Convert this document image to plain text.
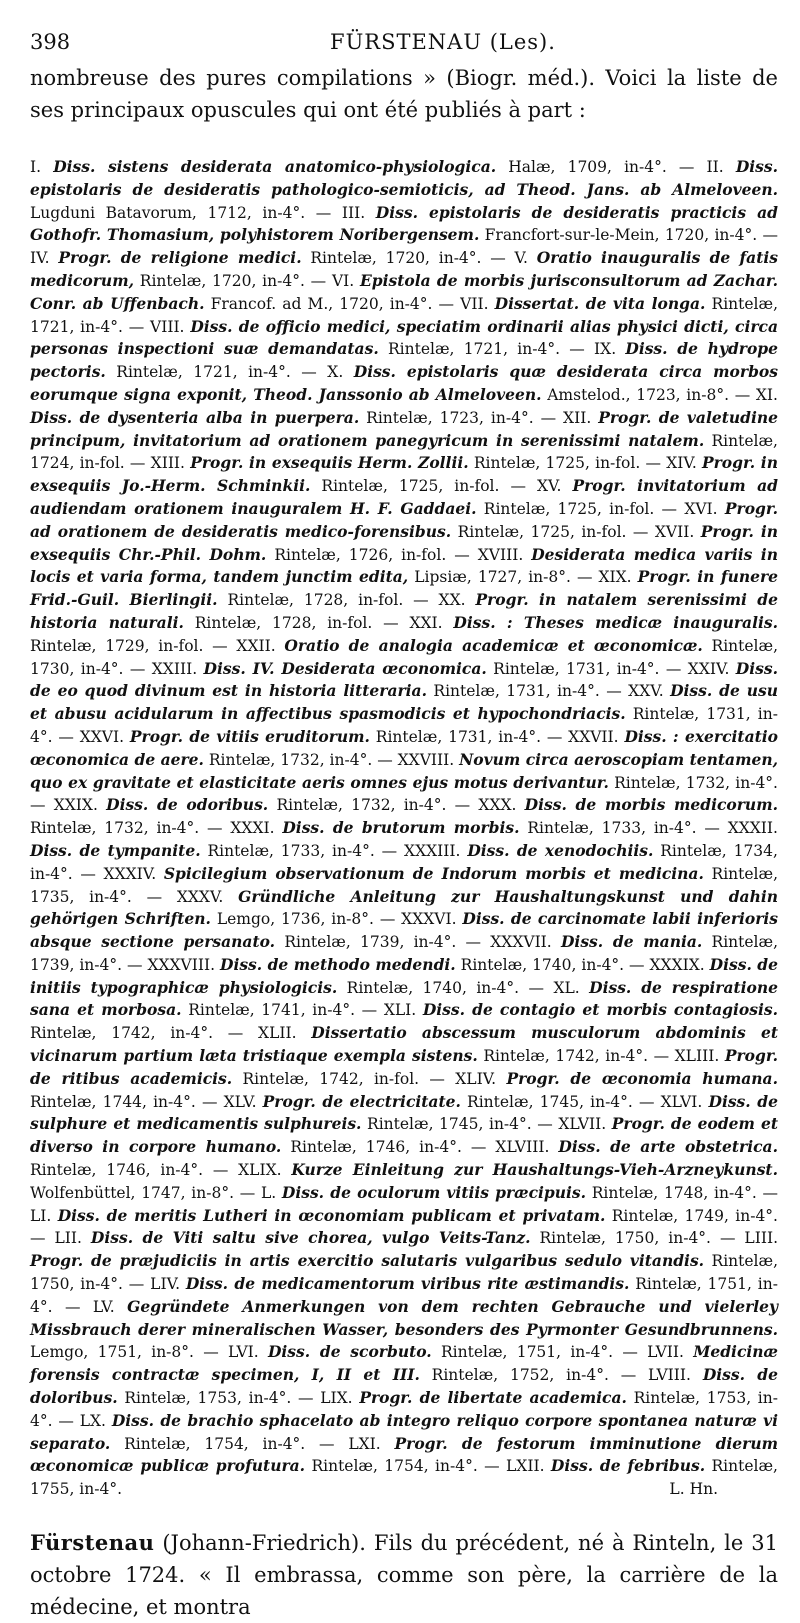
398	FÜRSTENAU (Les).
nombreuse des pures compilations » (Biogr. méd.). Voici la liste de ses principaux opuscules qui ont été publiés à part :
I. Diss. sistens desiderata anatomico-physiologica. Halæ, 1709, in-4°. — II. Diss. epistolaris de desideratis pathologico-semioticis, ad Theod. Jans. ab Almeloveen. Lugduni Batavorum, 1712, in-4°. — III. Diss. epistolaris de desideratis practicis ad Gothofr. Thomasium, polyhistorem Noribergensem. Francfort-sur-le-Mein, 1720, in-4°. — IV. Progr. de religione medici. Rintelæ, 1720, in-4°. — V. Oratio inauguralis de fatis medicorum, Rintelæ, 1720, in-4°. — VI. Epistola de morbis jurisconsultorum ad Zachar. Conr. ab Uffenbach. Francof. ad M., 1720, in-4°. — VII. Dissertat. de vita longa. Rintelæ, 1721, in-4°. — VIII. Diss. de officio medici, speciatim ordinarii alias physici dicti, circa personas inspectioni suæ demandatas. Rintelæ, 1721, in-4°. — IX. Diss. de hydrope pectoris. Rintelæ, 1721, in-4°. — X. Diss. epistolaris quæ desiderata circa morbos eorumque signa exponit, Theod. Janssonio ab Almeloveen. Amstelod., 1723, in-8°. — XI. Diss. de dysenteria alba in puerpera. Rintelæ, 1723, in-4°. — XII. Progr. de valetudine principum, invitatorium ad orationem panegyricum in serenissimi natalem. Rintelæ, 1724, in-fol. — XIII. Progr. in exsequiis Herm. Zollii. Rintelæ, 1725, in-fol. — XIV. Progr. in exsequiis Jo.-Herm. Schminkii. Rintelæ, 1725, in-fol. — XV. Progr. invitatorium ad audiendam orationem inauguralem H. F. Gaddaei. Rintelæ, 1725, in-fol. — XVI. Progr. ad orationem de desideratis medico-forensibus. Rintelæ, 1725, in-fol. — XVII. Progr. in exsequiis Chr.-Phil. Dohm. Rintelæ, 1726, in-fol. — XVIII. Desiderata medica variis in locis et varia forma, tandem junctim edita, Lipsiæ, 1727, in-8°. — XIX. Progr. in funere Frid.-Guil. Bierlingii. Rintelæ, 1728, in-fol. — XX. Progr. in natalem serenissimi de historia naturali. Rintelæ, 1728, in-fol. — XXI. Diss. : Theses medicæ inauguralis. Rintelæ, 1729, in-fol. — XXII. Oratio de analogia academicæ et œconomicæ. Rintelæ, 1730, in-4°. — XXIII. Diss. IV. Desiderata œconomica. Rintelæ, 1731, in-4°. — XXIV. Diss. de eo quod divinum est in historia litteraria. Rintelæ, 1731, in-4°. — XXV. Diss. de usu et abusu acidularum in affectibus spasmodicis et hypochondriacis. Rintelæ, 1731, in-4°. — XXVI. Progr. de vitiis eruditorum. Rintelæ, 1731, in-4°. — XXVII. Diss. : exercitatio œconomica de aere. Rintelæ, 1732, in-4°. — XXVIII. Novum circa aeroscopiam tentamen, quo ex gravitate et elasticitate aeris omnes ejus motus derivantur. Rintelæ, 1732, in-4°. — XXIX. Diss. de odoribus. Rintelæ, 1732, in-4°. — XXX. Diss. de morbis medicorum. Rintelæ, 1732, in-4°. — XXXI. Diss. de brutorum morbis. Rintelæ, 1733, in-4°. — XXXII. Diss. de tympanite. Rintelæ, 1733, in-4°. — XXXIII. Diss. de xenodochiis. Rintelæ, 1734, in-4°. — XXXIV. Spicilegium observationum de Indorum morbis et medicina. Rintelæ, 1735, in-4°. — XXXV. Gründliche Anleitung zur Haushaltungskunst und dahin gehörigen Schriften. Lemgo, 1736, in-8°. — XXXVI. Diss. de carcinomate labii inferioris absque sectione persanato. Rintelæ, 1739, in-4°. — XXXVII. Diss. de mania. Rintelæ, 1739, in-4°. — XXXVIII. Diss. de methodo medendi. Rintelæ, 1740, in-4°. — XXXIX. Diss. de initiis typographicæ physiologicis. Rintelæ, 1740, in-4°. — XL. Diss. de respiratione sana et morbosa. Rintelæ, 1741, in-4°. — XLI. Diss. de contagio et morbis contagiosis. Rintelæ, 1742, in-4°. — XLII. Dissertatio abscessum musculorum abdominis et vicinarum partium læta tristiaque exempla sistens. Rintelæ, 1742, in-4°. — XLIII. Progr. de ritibus academicis. Rintelæ, 1742, in-fol. — XLIV. Progr. de œconomia humana. Rintelæ, 1744, in-4°. — XLV. Progr. de electricitate. Rintelæ, 1745, in-4°. — XLVI. Diss. de sulphure et medicamentis sulphureis. Rintelæ, 1745, in-4°. — XLVII. Progr. de eodem et diverso in corpore humano. Rintelæ, 1746, in-4°. — XLVIII. Diss. de arte obstetrica. Rintelæ, 1746, in-4°. — XLIX. Kurze Einleitung zur Haushaltungs-Vieh-Arzneykunst. Wolfenbüttel, 1747, in-8°. — L. Diss. de oculorum vitiis præcipuis. Rintelæ, 1748, in-4°. — LI. Diss. de meritis Lutheri in œconomiam publicam et privatam. Rintelæ, 1749, in-4°. — LII. Diss. de Viti saltu sive chorea, vulgo Veits-Tanz. Rintelæ, 1750, in-4°. — LIII. Progr. de præjudiciis in artis exercitio salutaris vulgaribus sedulo vitandis. Rintelæ, 1750, in-4°. — LIV. Diss. de medicamentorum viribus rite æstimandis. Rintelæ, 1751, in-4°. — LV. Gegründete Anmerkungen von dem rechten Gebrauche und vielerley Missbrauch derer mineralischen Wasser, besonders des Pyrmonter Gesundbrunnens. Lemgo, 1751, in-8°. — LVI. Diss. de scorbuto. Rintelæ, 1751, in-4°. — LVII. Medicinæ forensis contractæ specimen, I, II et III. Rintelæ, 1752, in-4°. — LVIII. Diss. de doloribus. Rintelæ, 1753, in-4°. — LIX. Progr. de libertate academica. Rintelæ, 1753, in-4°. — LX. Diss. de brachio sphacelato ab integro reliquo corpore spontanea naturæ vi separato. Rintelæ, 1754, in-4°. — LXI. Progr. de festorum imminutione dierum œconomicæ publicæ profutura. Rintelæ, 1754, in-4°. — LXII. Diss. de febribus. Rintelæ, 1755, in-4°.	L. Hn.
Fürstenau (Johann-Friedrich). Fils du précédent, né à Rinteln, le 31 octobre 1724. « Il embrassa, comme son père, la carrière de la médecine, et montra
